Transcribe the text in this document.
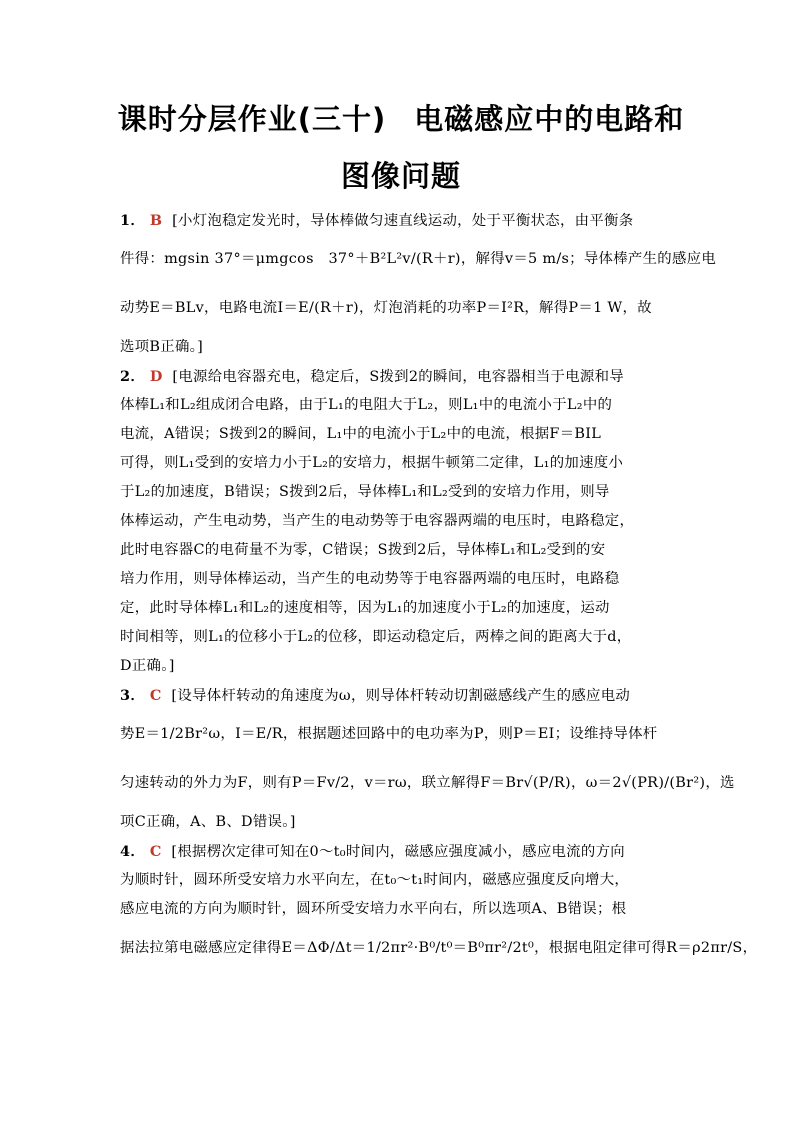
课时分层作业(三十) 电磁感应中的电路和
图像问题
1． B [小灯泡稳定发光时，导体棒做匀速直线运动，处于平衡状态，由平衡条
件得：mgsin 37°＝μmgcos　37°＋B²L²v/(R＋r)，解得v＝5 m/s；导体棒产生的感应电
动势E＝BLv，电路电流I＝E/(R＋r)，灯泡消耗的功率P＝I²R，解得P＝1 W，故
选项B正确。]
2． D [电源给电容器充电，稳定后，S拨到2的瞬间，电容器相当于电源和导
体棒L₁和L₂组成闭合电路，由于L₁的电阻大于L₂，则L₁中的电流小于L₂中的
电流，A错误；S拨到2的瞬间，L₁中的电流小于L₂中的电流，根据F＝BIL
可得，则L₁受到的安培力小于L₂的安培力，根据牛顿第二定律，L₁的加速度小
于L₂的加速度，B错误；S拨到2后，导体棒L₁和L₂受到的安培力作用，则导
体棒运动，产生电动势，当产生的电动势等于电容器两端的电压时，电路稳定，
此时电容器C的电荷量不为零，C错误；S拨到2后，导体棒L₁和L₂受到的安
培力作用，则导体棒运动，当产生的电动势等于电容器两端的电压时，电路稳
定，此时导体棒L₁和L₂的速度相等，因为L₁的加速度小于L₂的加速度，运动
时间相等，则L₁的位移小于L₂的位移，即运动稳定后，两棒之间的距离大于d，
D正确。]
3． C [设导体杆转动的角速度为ω，则导体杆转动切割磁感线产生的感应电动
势E＝1/2Br²ω，I＝E/R，根据题述回路中的电功率为P，则P＝EI；设维持导体杆
匀速转动的外力为F，则有P＝Fv/2，v＝rω，联立解得F＝Br√(P/R)，ω＝2√(PR)/(Br²)，选
项C正确，A、B、D错误。]
4． C [根据楞次定律可知在0～t₀时间内，磁感应强度减小，感应电流的方向
为顺时针，圆环所受安培力水平向左，在t₀～t₁时间内，磁感应强度反向增大，
感应电流的方向为顺时针，圆环所受安培力水平向右，所以选项A、B错误；根
据法拉第电磁感应定律得E＝ΔΦ/Δt＝1/2πr²·B⁰/t⁰＝B⁰πr²/2t⁰，根据电阻定律可得R＝ρ2πr/S，
